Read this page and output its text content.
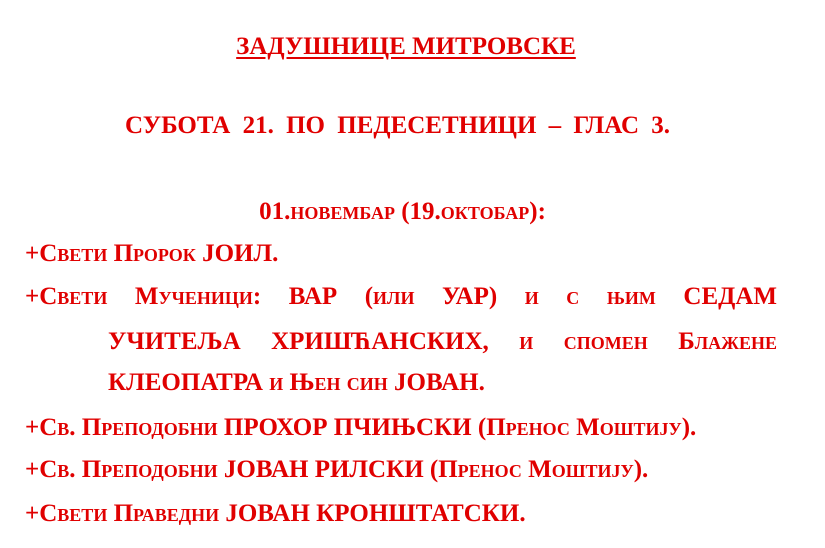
ЗАДУШНИЦЕ МИТРОВСКЕ
СУБОТА 21. ПО ПЕДЕСЕТНИЦИ – ГЛАС 3.
01.новембар (19.октобар):
+Свети Пророк ЈОИЛ.
+Свети Мученици: ВАР (или УАР) и с њим СЕДАМ
УЧИТЕЉА ХРИШЋАНСКИХ, и спомен Блажене
КЛЕОПАТРА и Њен син ЈОВАН.
+Св. Преподобни ПРОХОР ПЧИЊСКИ (Пренос Моштију).
+Св. Преподобни ЈОВАН РИЛСКИ (Пренос Моштију).
+Свети Праведни ЈОВАН КРОНШТАТСКИ.
